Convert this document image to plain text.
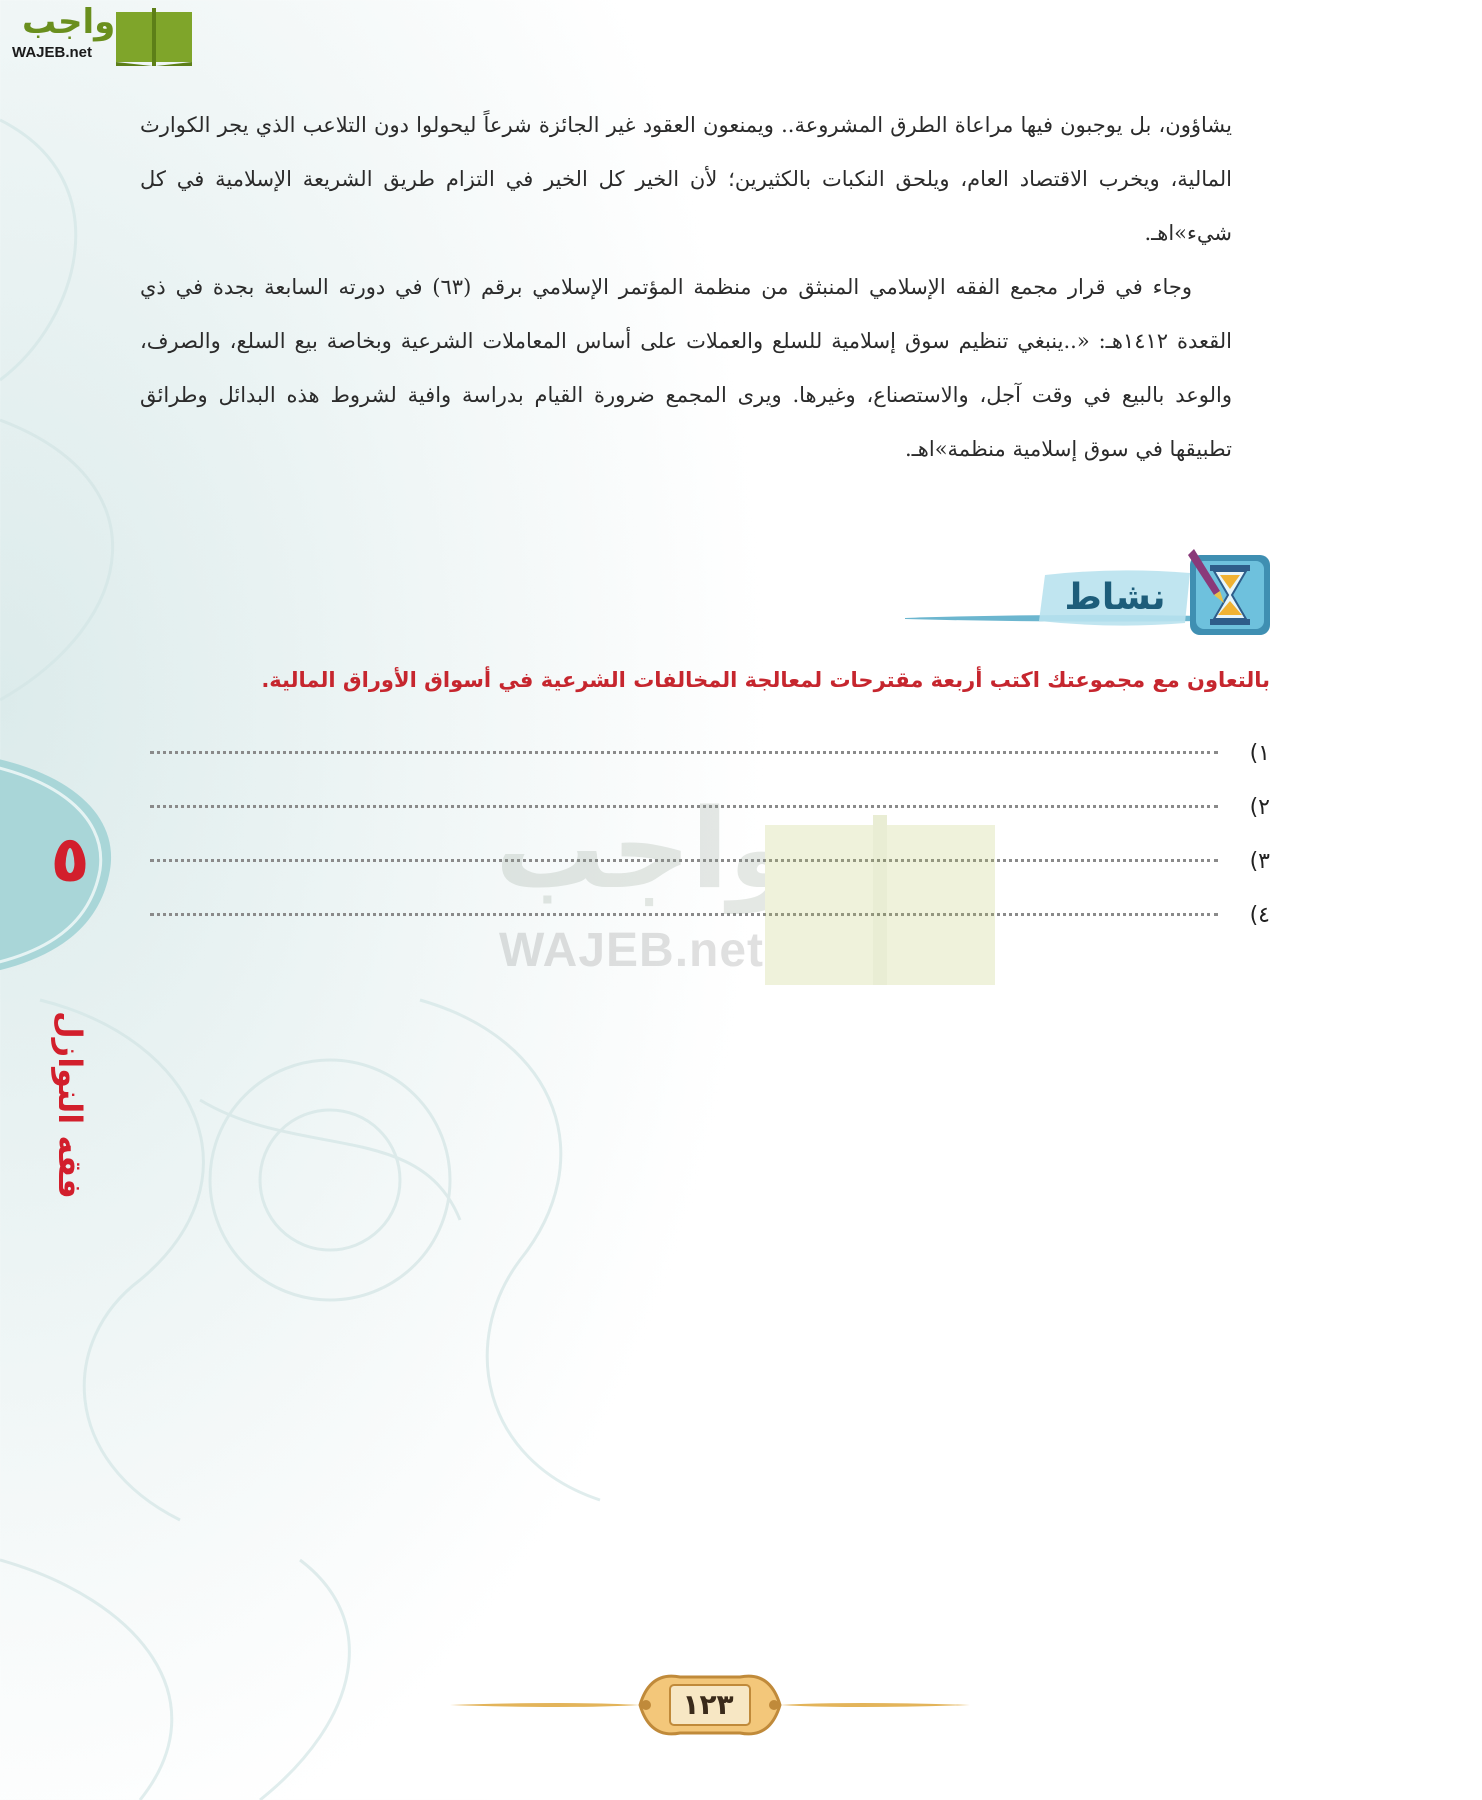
واجب
WAJEB.net

يشاؤون، بل يوجبون فيها مراعاة الطرق المشروعة.. ويمنعون العقود غير الجائزة شرعاً ليحولوا دون التلاعب الذي يجر الكوارث المالية، ويخرب الاقتصاد العام، ويلحق النكبات بالكثيرين؛ لأن الخير كل الخير في التزام طريق الشريعة الإسلامية في كل شيء»اهـ.

وجاء في قرار مجمع الفقه الإسلامي المنبثق من منظمة المؤتمر الإسلامي برقم (٦٣) في دورته السابعة بجدة في ذي القعدة ١٤١٢هـ: «..ينبغي تنظيم سوق إسلامية للسلع والعملات على أساس المعاملات الشرعية وبخاصة بيع السلع، والصرف، والوعد بالبيع في وقت آجل، والاستصناع، وغيرها. ويرى المجمع ضرورة القيام بدراسة وافية لشروط هذه البدائل وطرائق تطبيقها في سوق إسلامية منظمة»اهـ.

نشاط
بالتعاون مع مجموعتك اكتب أربعة مقترحات لمعالجة المخالفات الشرعية في أسواق الأوراق المالية.
١)
٢)
٣)
٤)
واجب
WAJEB.net
٥
فقه النوازل
١٢٣
